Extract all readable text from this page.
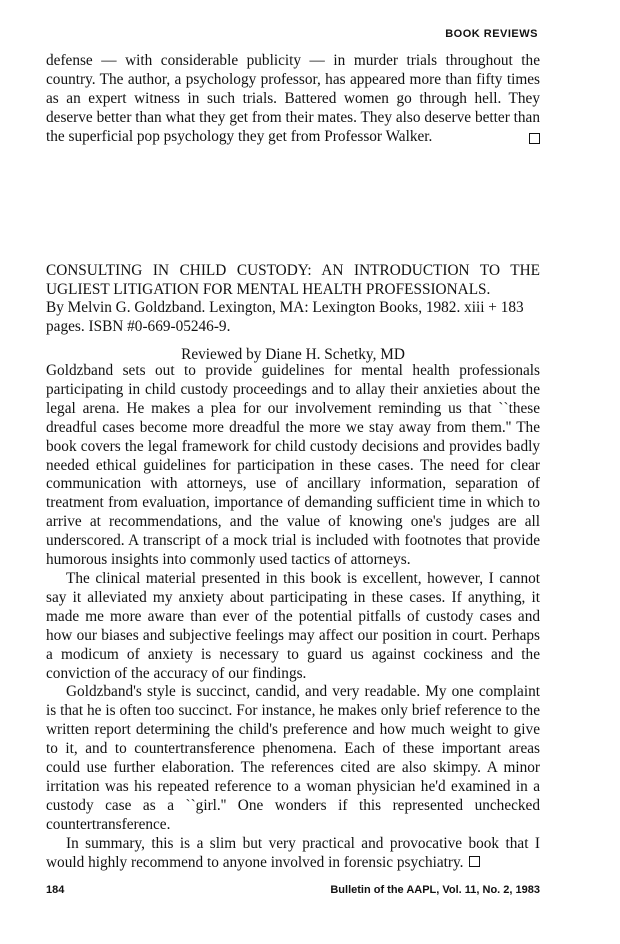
BOOK REVIEWS
defense — with considerable publicity — in murder trials throughout the country. The author, a psychology professor, has appeared more than fifty times as an expert witness in such trials. Battered women go through hell. They deserve better than what they get from their mates. They also deserve better than the superficial pop psychology they get from Professor Walker.
CONSULTING IN CHILD CUSTODY: AN INTRODUCTION TO THE UGLIEST LITIGATION FOR MENTAL HEALTH PROFESSIONALS.

By Melvin G. Goldzband. Lexington, MA: Lexington Books, 1982. xiii + 183 pages. ISBN #0-669-05246-9.

Reviewed by Diane H. Schetky, MD

Goldzband sets out to provide guidelines for mental health professionals participating in child custody proceedings and to allay their anxieties about the legal arena. He makes a plea for our involvement reminding us that ``these dreadful cases become more dreadful the more we stay away from them.'' The book covers the legal framework for child custody decisions and provides badly needed ethical guidelines for participation in these cases. The need for clear communication with attorneys, use of ancillary information, separation of treatment from evaluation, importance of demanding sufficient time in which to arrive at recommendations, and the value of knowing one's judges are all underscored. A transcript of a mock trial is included with footnotes that provide humorous insights into commonly used tactics of attorneys.

The clinical material presented in this book is excellent, however, I cannot say it alleviated my anxiety about participating in these cases. If anything, it made me more aware than ever of the potential pitfalls of custody cases and how our biases and subjective feelings may affect our position in court. Perhaps a modicum of anxiety is necessary to guard us against cockiness and the conviction of the accuracy of our findings.

Goldzband's style is succinct, candid, and very readable. My one complaint is that he is often too succinct. For instance, he makes only brief reference to the written report determining the child's preference and how much weight to give to it, and to countertransference phenomena. Each of these important areas could use further elaboration. The references cited are also skimpy. A minor irritation was his repeated reference to a woman physician he'd examined in a custody case as a ``girl.'' One wonders if this represented unchecked countertransference.

In summary, this is a slim but very practical and provocative book that I would highly recommend to anyone involved in forensic psychiatry.

184	Bulletin of the AAPL, Vol. 11, No. 2, 1983
